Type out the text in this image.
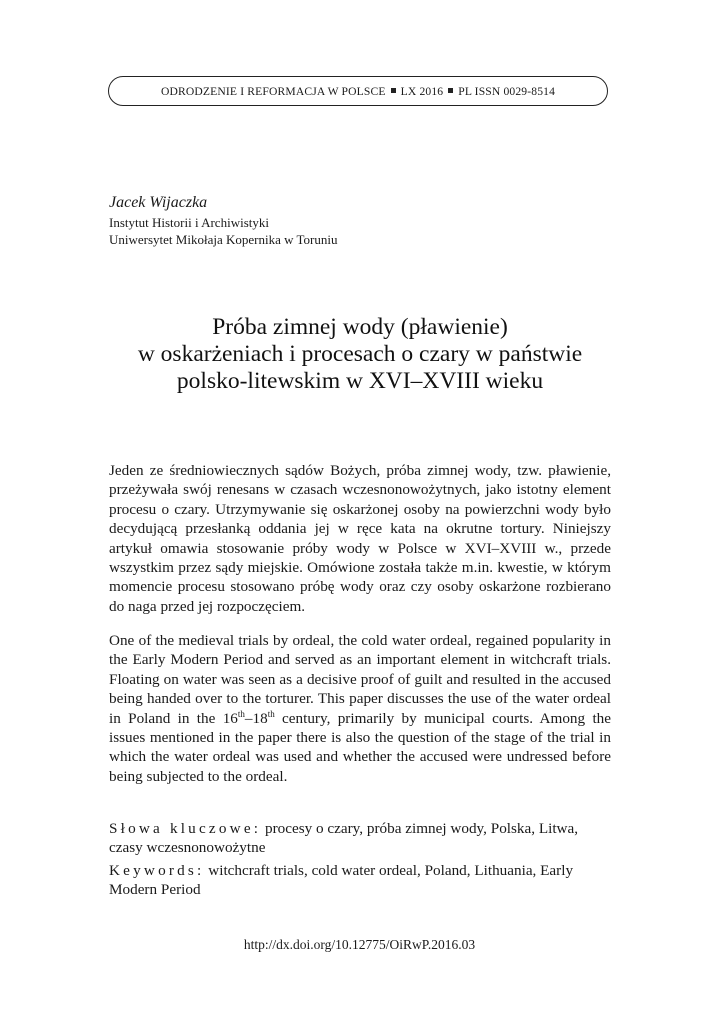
ODRODZENIE I REFORMACJA W POLSCE LX 2016 PL ISSN 0029-8514
Jacek Wijaczka
Instytut Historii i Archiwistyki
Uniwersytet Mikołaja Kopernika w Toruniu
Próba zimnej wody (pławienie)
w oskarżeniach i procesach o czary w państwie
polsko-litewskim w XVI–XVIII wieku

Jeden ze średniowiecznych sądów Bożych, próba zimnej wody, tzw. pławienie, przeżywała swój renesans w czasach wczesnonowożytnych, jako istotny element procesu o czary. Utrzymywanie się oskarżonej osoby na powierzchni wody było decydującą przesłanką oddania jej w ręce kata na okrutne tortury. Niniejszy artykuł omawia stosowanie próby wody w Polsce w XVI–XVIII w., przede wszystkim przez sądy miejskie. Omówione została także m.in. kwestie, w którym momencie procesu stosowano próbę wody oraz czy osoby oskarżone rozbierano do naga przed jej rozpoczęciem.

One of the medieval trials by ordeal, the cold water ordeal, regained popularity in the Early Modern Period and served as an important element in witchcraft trials. Floating on water was seen as a decisive proof of guilt and resulted in the accused being handed over to the torturer. This paper discusses the use of the water ordeal in Poland in the 16th–18th century, primarily by municipal courts. Among the issues mentioned in the paper there is also the question of the stage of the trial in which the water ordeal was used and whether the accused were undressed before being subjected to the ordeal.

Słowa kluczowe: procesy o czary, próba zimnej wody, Polska, Litwa, czasy wczesnonowożytne

Keywords: witchcraft trials, cold water ordeal, Poland, Lithuania, Early Modern Period

http://dx.doi.org/10.12775/OiRwP.2016.03
